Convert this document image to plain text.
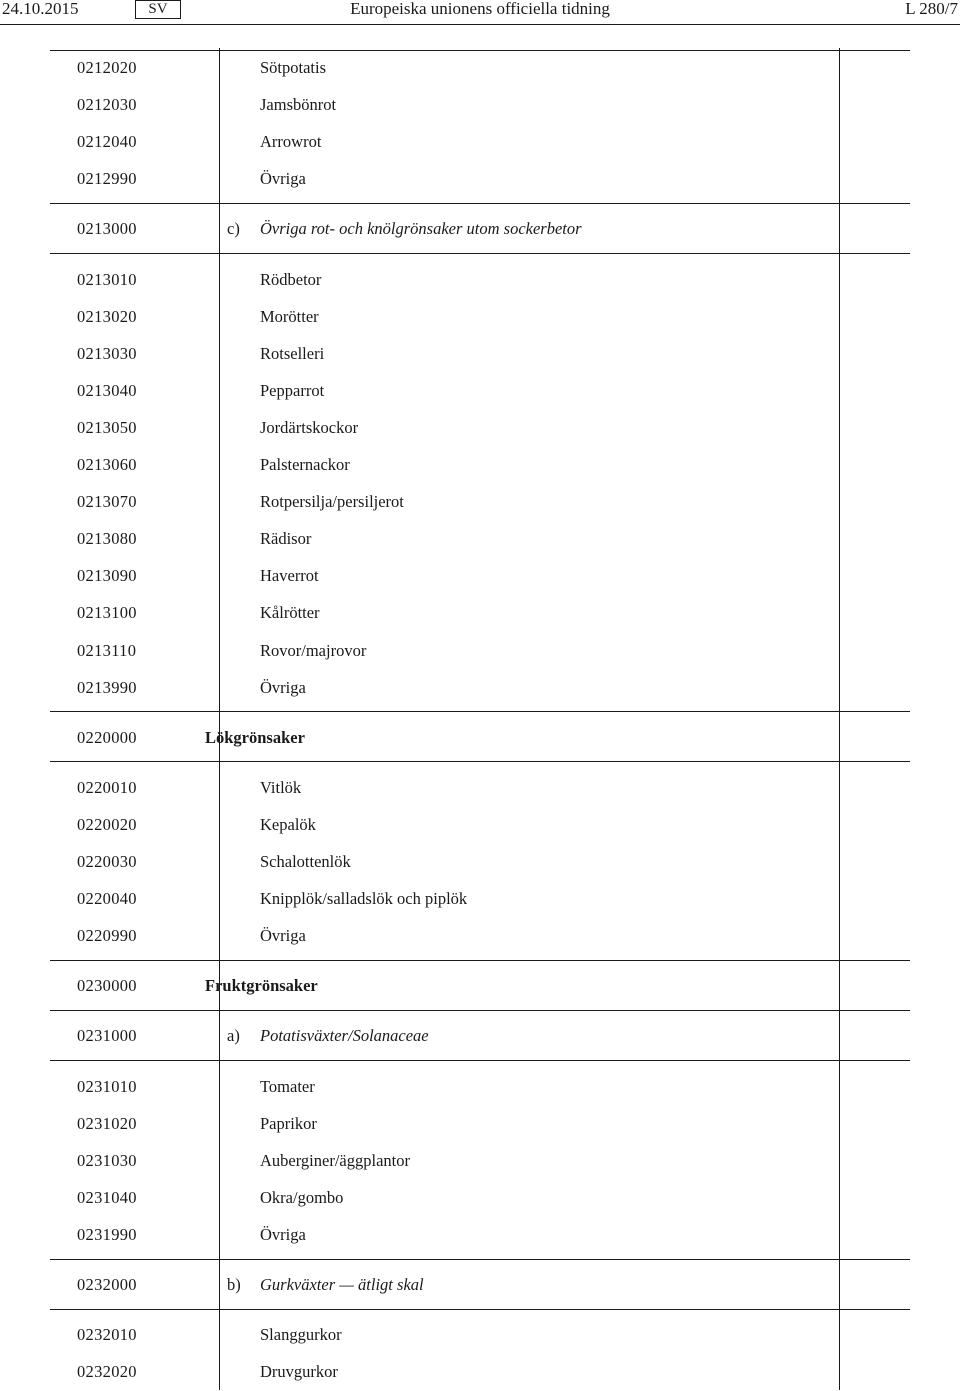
24.10.2015	SV	Europeiska unionens officiella tidning	L 280/7
0212020	Sötpotatis
0212030	Jamsbönrot
0212040	Arrowrot
0212990	Övriga
0213000	c) Övriga rot- och knölgrönsaker utom sockerbetor
0213010	Rödbetor
0213020	Morötter
0213030	Rotselleri
0213040	Pepparrot
0213050	Jordärtskockor
0213060	Palsternackor
0213070	Rotpersilja/persiljerot
0213080	Rädisor
0213090	Haverrot
0213100	Kålrötter
0213110	Rovor/majrovor
0213990	Övriga
0220000	Lökgrönsaker
0220010	Vitlök
0220020	Kepalök
0220030	Schalottenlök
0220040	Knipplök/salladslök och piplök
0220990	Övriga
0230000	Fruktgrönsaker
0231000	a) Potatisväxter/Solanaceae
0231010	Tomater
0231020	Paprikor
0231030	Auberginer/äggplantor
0231040	Okra/gombo
0231990	Övriga
0232000	b) Gurkväxter — ätligt skal
0232010	Slanggurkor
0232020	Druvgurkor
